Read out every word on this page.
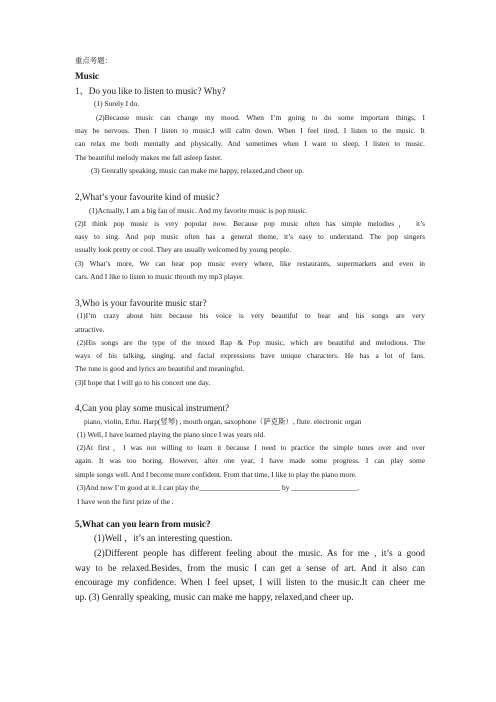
重点考题：
Music
1、Do you like to listen to music? Why?
(1) Surely I do.
(2)Because music can change my mood. When I’m going to do some important things, I
may be nervous. Then I listen to music,I will calm down. When I feel tired, I listen to the music. It
can relax me both mentally and physically. And sometimes when I want to sleep, I listen to music.
The beautiful melody makes me fall asleep faster.
(3) Genrally speaking, music can make me happy, relaxed,and cheer up.
2,What’s your favourite kind of music?
(1)Actually, I am a big fan of music. And my favorite music is pop music.
(2)I think pop music is very popular now. Because pop music often has simple melodies， it’s
easy to sing. And pop music often has a general theme, it’s easy to understand. The pop singers
usually look pretty or cool. They are usually welcomed by young people.
(3) What’s more, We can hear pop music every where, like restaurants, supermarkets and even in
cars. And I like to listen to music throuth my mp3 player.
3,Who is your favourite music star?
(1)I’m crazy about him because his voice is very beautiful to hear and his songs are very
attractive.
(2)His songs are the type of the mixed Rap & Pop music, which are beautiful and melodious. The
ways of his talking, singing, and facial expressions have unique characters. He has a lot of fans.
The tune is good and lyrics are beautiful and meaningful.
(3)I hope that I will go to his concert one day.
4,Can you play some musical instrument?
piano, violin, Erhu. Harp(竖琴) , mouth organ, saxophone（萨克斯）, flute. electronic organ
(1) Well, I have learned playing the piano since I was years old.
(2)At first，I was not willing to learn it because I need to practice the simple tunes over and over
again. It was too boring. However, after one year, I have made some progress. I can play some
simple songs well. And I become more confident. From that time, I like to play the piano more.
(3)And now I’m good at it. I can play the______________________ by __________________.
I have won the first prize of the .
5,What can you learn from music?
(1)Well ，it’s an interesting question.
(2)Different people has different feeling about the music. As for me , it’s a good
way to be relaxed.Besides, from the music I can get a sense of art. And it also can
encourage my confidence. When I feel upset, I will listen to the music.It can cheer me
up. (3) Genrally speaking, music can make me happy, relaxed,and cheer up.
